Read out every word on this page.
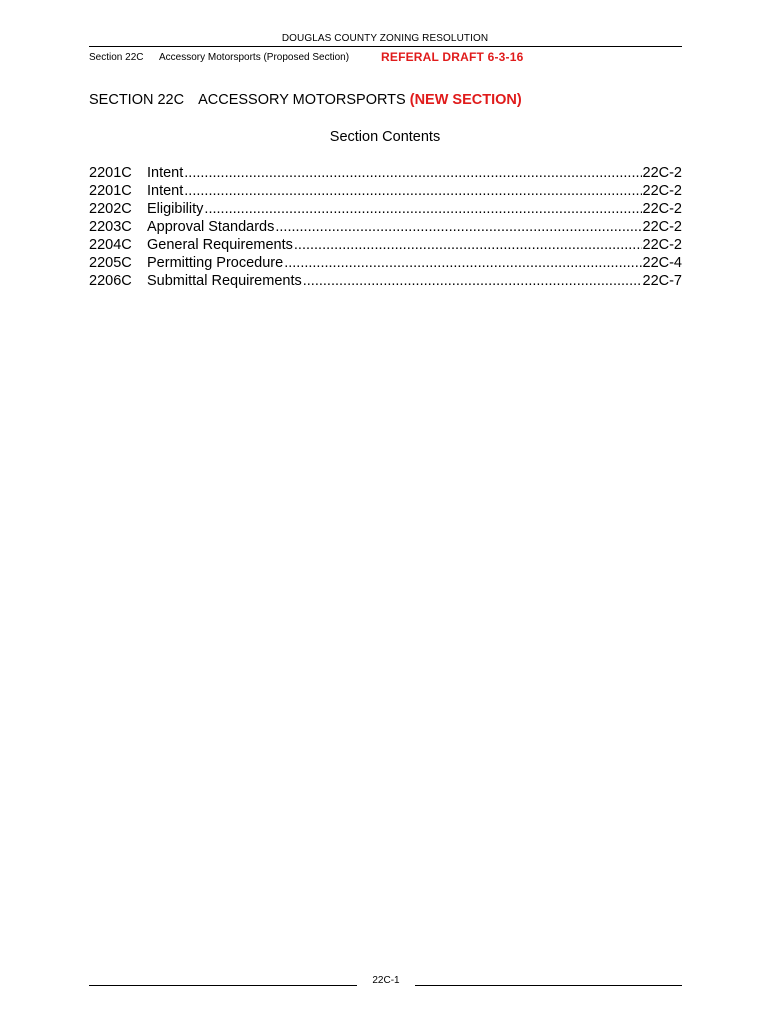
DOUGLAS COUNTY ZONING RESOLUTION
Section 22C Accessory Motorsports (Proposed Section)	REFERAL DRAFT 6-3-16
SECTION 22C ACCESSORY MOTORSPORTS (NEW SECTION)
Section Contents
2201C	Intent .....	22C-2
2201C	Intent .....	22C-2
2202C	Eligibility .....	22C-2
2203C	Approval Standards .....	22C-2
2204C	General Requirements .....	22C-2
2205C	Permitting Procedure .....	22C-4
2206C	Submittal Requirements .....	22C-7
22C-1
